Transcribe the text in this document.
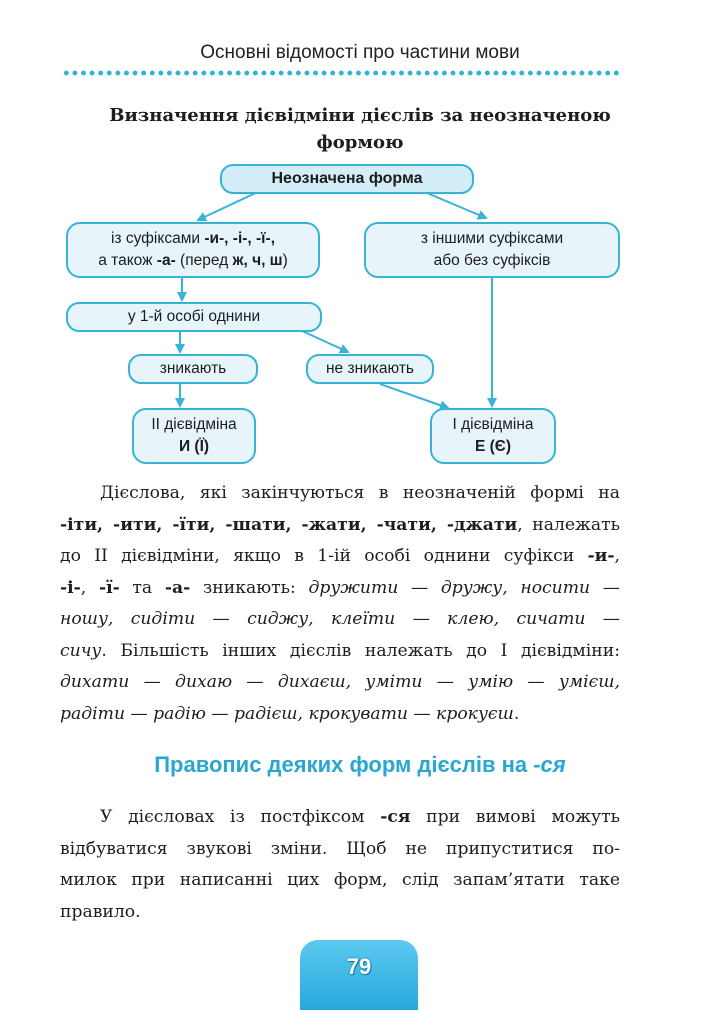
Основні відомості про частини мови
Визначення дієвідміни дієслів за неозначеною
формою
Неозначена форма
із суфіксами -и-, -і-, -ї-,
а також -а- (перед ж, ч, ш)
з іншими суфіксами
або без суфіксів
у 1-й особі однини
зникають	не зникають
ІІ дієвідміна
И (Ї)
І дієвідміна
Е (Є)
Дієслова, які закінчуються в неозначеній формі на
-іти, -ити, -їти, -шати, -жати, -чати, -джати, належать
до ІІ дієвідміни, якщо в 1-ій особі однини суфікси -и-,
-і-, -ї- та -а- зникають: дружити — дружу, носити —
ношу, сидіти — сиджу, клеїти — клею, сичати —
сичу. Більшість інших дієслів належать до І дієвідміни:
дихати — дихаю — дихаєш, уміти — умію — умієш,
радіти — радію — радієш, крокувати — крокуєш.
Правопис деяких форм дієслів на -ся
У дієсловах із постфіксом -ся при вимові можуть
відбуватися звукові зміни. Щоб не припуститися по-
милок при написанні цих форм, слід запам’ятати таке
правило.
79
